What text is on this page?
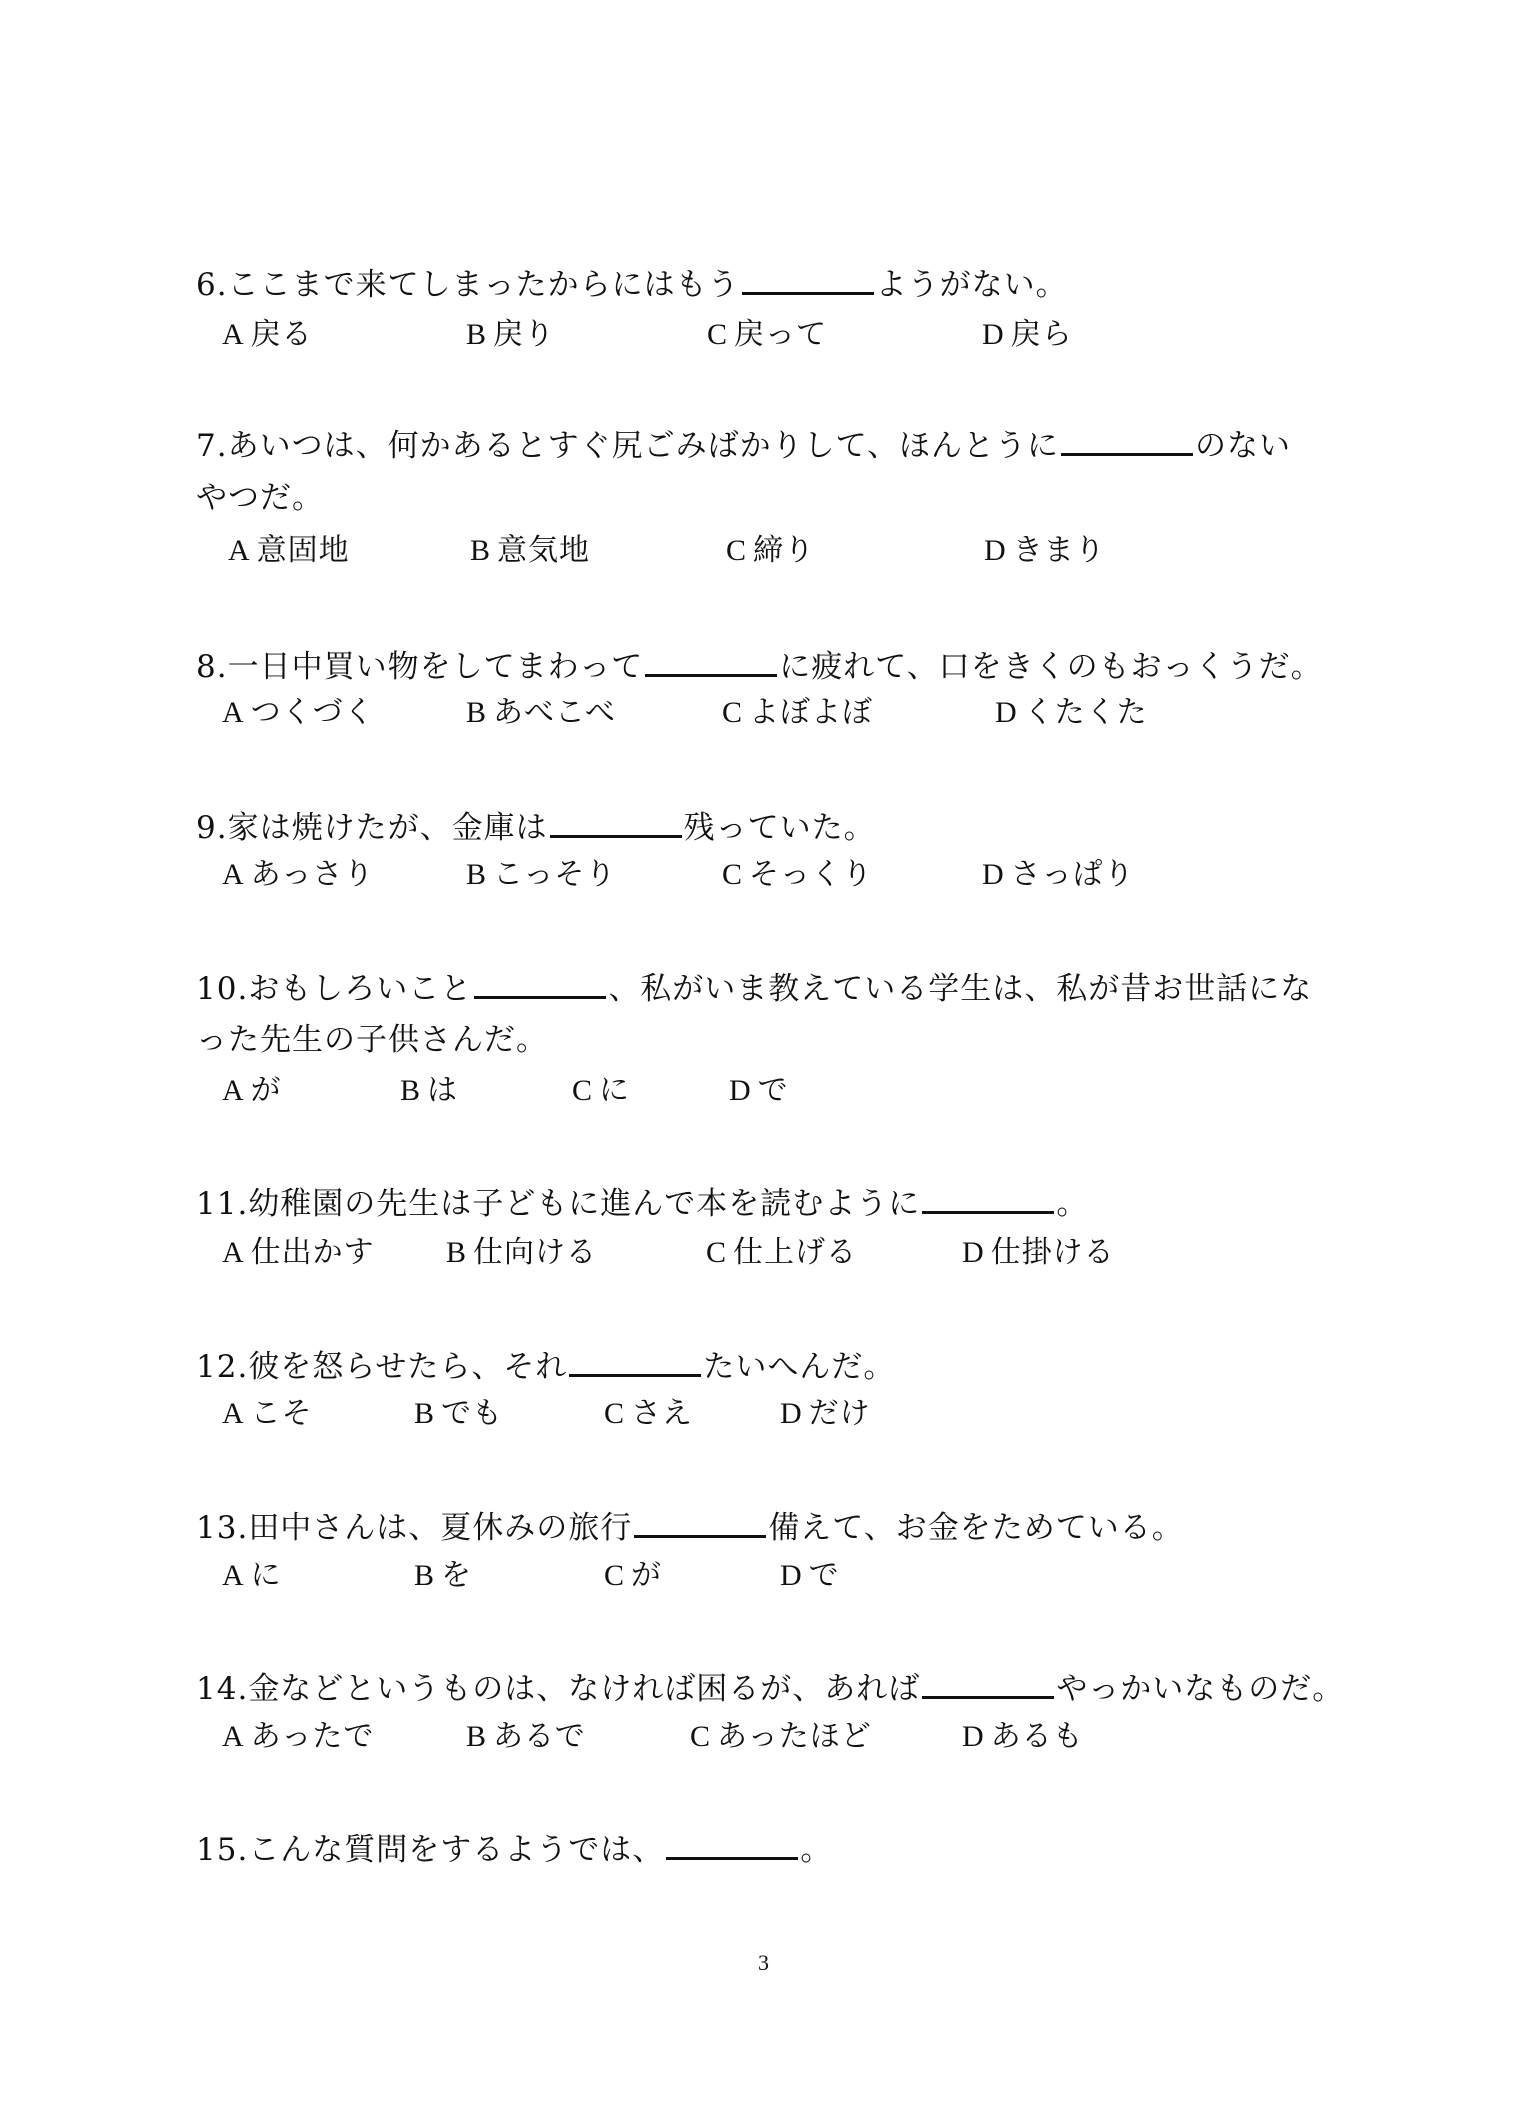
6.ここまで来てしまったからにはもう	ようがない。
A 戻る	B 戻り	C 戻って	D 戻ら
7.あいつは、何かあるとすぐ尻ごみばかりして、ほんとうに	のない
やつだ。
A 意固地	B 意気地	C 締り	D きまり
8.一日中買い物をしてまわって	に疲れて、口をきくのもおっくうだ。
A つくづく	B あべこべ	C よぼよぼ	D くたくた
9.家は焼けたが、金庫は	残っていた。
A あっさり	B こっそり	C そっくり	D さっぱり
10.おもしろいこと	、私がいま教えている学生は、私が昔お世話にな
った先生の子供さんだ。
A が	B は	C に	D で
11.幼稚園の先生は子どもに進んで本を読むように	。
A 仕出かす B 仕向ける	C 仕上げる	D 仕掛ける
12.彼を怒らせたら、それ	たいへんだ。
A こそ	B でも	C さえ	D だけ
13.田中さんは、夏休みの旅行	備えて、お金をためている。
A に	B を	C が	D で
14.金などというものは、なければ困るが、あれば	やっかいなものだ。
A あったで	B あるで	C あったほど	D あるも
15.こんな質問をするようでは、	。
3
